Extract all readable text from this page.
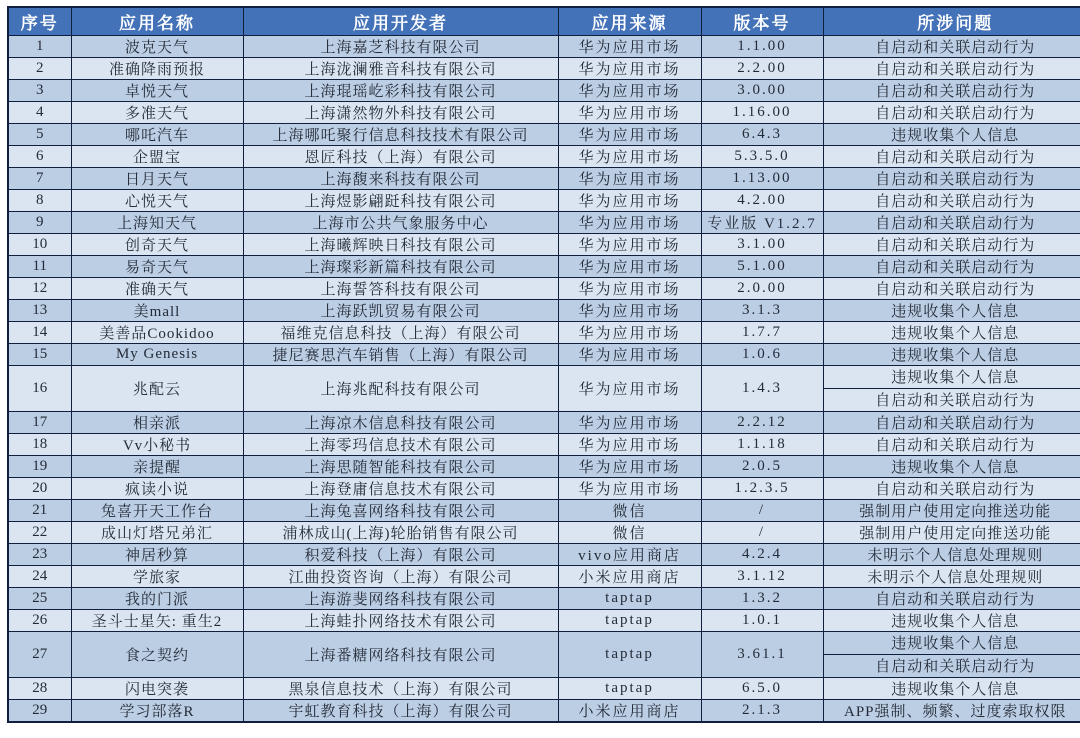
序号	应用名称	应用开发者	应用来源	版本号	所涉问题
1	波克天气	上海嘉芝科技有限公司	华为应用市场	1.1.00	自启动和关联启动行为
2	准确降雨预报	上海泷澜雅音科技有限公司	华为应用市场	2.2.00	自启动和关联启动行为
3	卓悦天气	上海琨瑶屹彩科技有限公司	华为应用市场	3.0.00	自启动和关联启动行为
4	多准天气	上海潇然物外科技有限公司	华为应用市场	1.16.00	自启动和关联启动行为
5	哪吒汽车	上海哪吒聚行信息科技技术有限公司	华为应用市场	6.4.3	违规收集个人信息
6	企盟宝	恩匠科技（上海）有限公司	华为应用市场	5.3.5.0	自启动和关联启动行为
7	日月天气	上海馥来科技有限公司	华为应用市场	1.13.00	自启动和关联启动行为
8	心悦天气	上海煜影翩跹科技有限公司	华为应用市场	4.2.00	自启动和关联启动行为
9	上海知天气	上海市公共气象服务中心	华为应用市场	专业版 V1.2.7	自启动和关联启动行为
10	创奇天气	上海曦辉映日科技有限公司	华为应用市场	3.1.00	自启动和关联启动行为
11	易奇天气	上海璨彩新篇科技有限公司	华为应用市场	5.1.00	自启动和关联启动行为
12	准确天气	上海誓答科技有限公司	华为应用市场	2.0.00	自启动和关联启动行为
13	美mall	上海跃凯贸易有限公司	华为应用市场	3.1.3	违规收集个人信息
14	美善品Cookidoo	福维克信息科技（上海）有限公司	华为应用市场	1.7.7	违规收集个人信息
15	My Genesis	捷尼赛思汽车销售（上海）有限公司	华为应用市场	1.0.6	违规收集个人信息
16	兆配云	上海兆配科技有限公司	华为应用市场	1.4.3	违规收集个人信息
自启动和关联启动行为

17	相亲派	上海凉木信息科技有限公司	华为应用市场	2.2.12	自启动和关联启动行为
18	Vv小秘书	上海零玛信息技术有限公司	华为应用市场	1.1.18	自启动和关联启动行为
19	亲提醒	上海思随智能科技有限公司	华为应用市场	2.0.5	违规收集个人信息
20	疯读小说	上海登庸信息技术有限公司	华为应用市场	1.2.3.5	自启动和关联启动行为
21	兔喜开天工作台	上海兔喜网络科技有限公司	微信	/	强制用户使用定向推送功能
22	成山灯塔兄弟汇	浦林成山(上海)轮胎销售有限公司	微信	/	强制用户使用定向推送功能
23	神居秒算	积爱科技（上海）有限公司	vivo应用商店	4.2.4	未明示个人信息处理规则
24	学旅家	江曲投资咨询（上海）有限公司	小米应用商店	3.1.12	未明示个人信息处理规则
25	我的门派	上海游斐网络科技有限公司	taptap	1.3.2	自启动和关联启动行为
26	圣斗士星矢: 重生2	上海蛙扑网络技术有限公司	taptap	1.0.1	违规收集个人信息
27	食之契约	上海番糖网络科技有限公司	taptap	3.61.1	违规收集个人信息
自启动和关联启动行为

28	闪电突袭	黑泉信息技术（上海）有限公司	taptap	6.5.0	违规收集个人信息
29	学习部落R	宇虹教育科技（上海）有限公司	小米应用商店	2.1.3	APP强制、频繁、过度索取权限
